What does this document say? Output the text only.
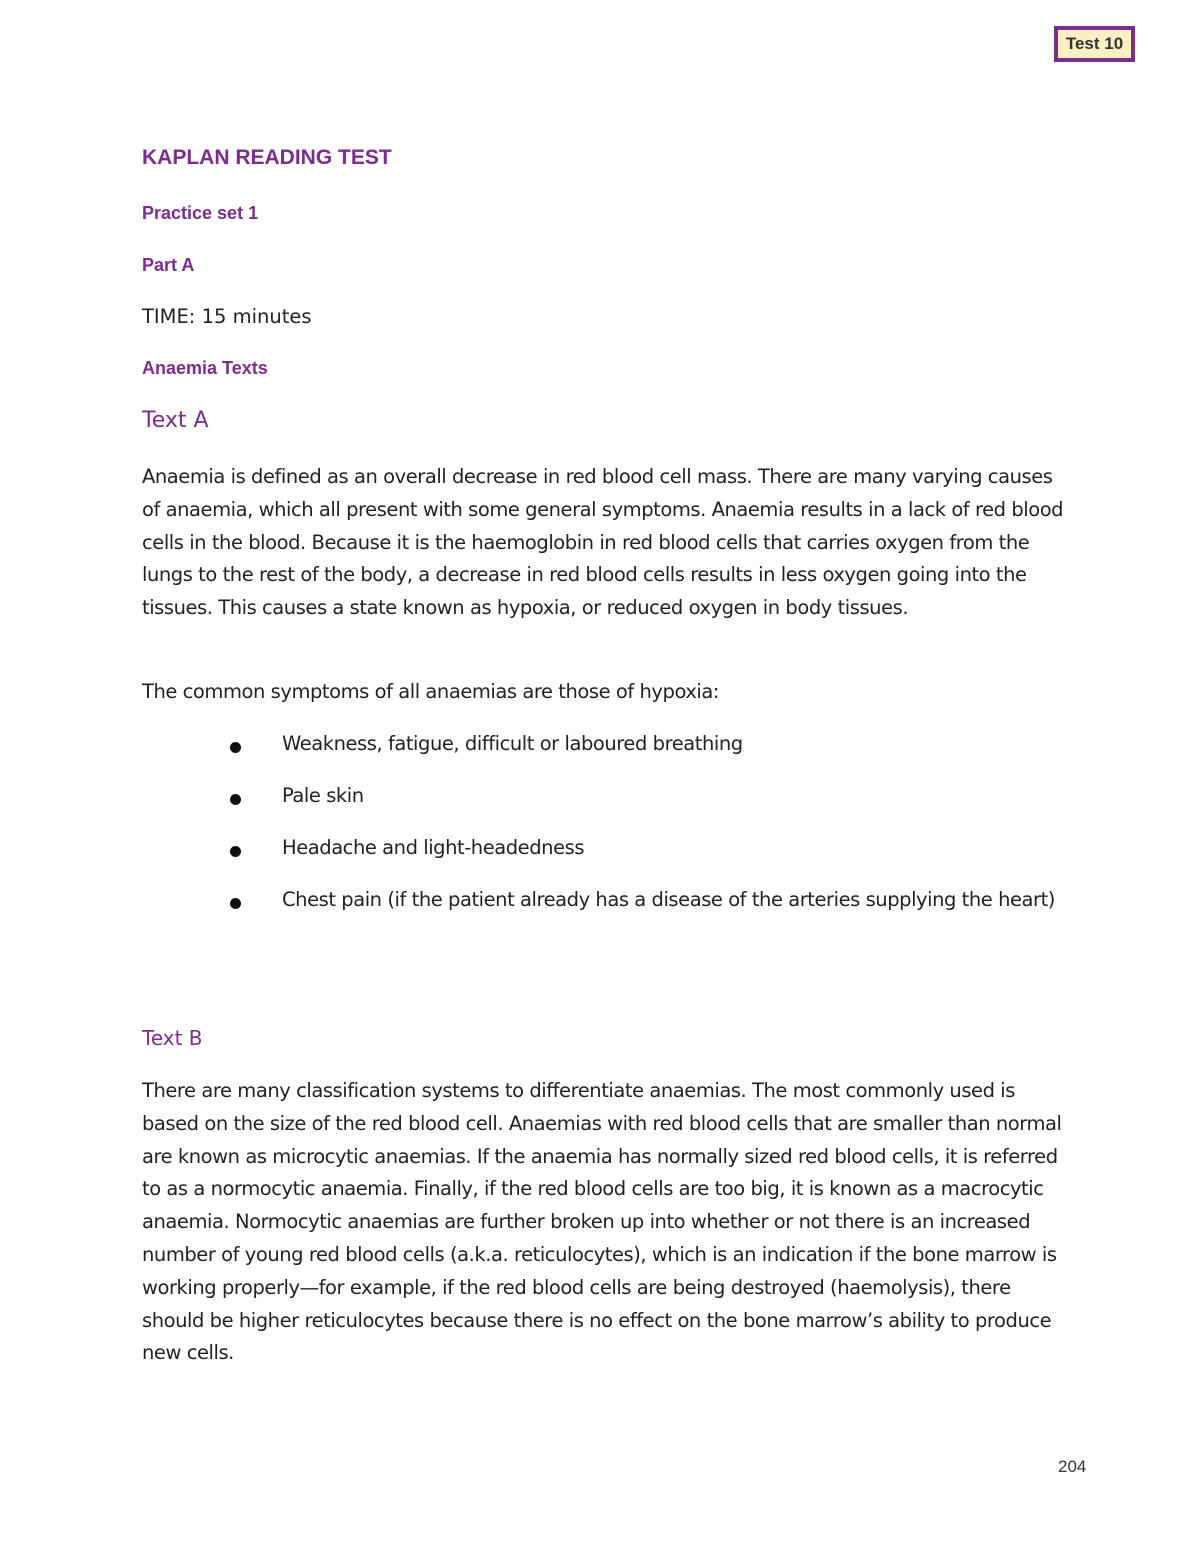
Test 10
KAPLAN READING TEST

Practice set 1

Part A

TIME: 15 minutes

Anaemia Texts

Text A

Anaemia is defined as an overall decrease in red blood cell mass. There are many varying causes of anaemia, which all present with some general symptoms. Anaemia results in a lack of red blood cells in the blood. Because it is the haemoglobin in red blood cells that carries oxygen from the lungs to the rest of the body, a decrease in red blood cells results in less oxygen going into the tissues. This causes a state known as hypoxia, or reduced oxygen in body tissues.

The common symptoms of all anaemias are those of hypoxia:

Weakness, fatigue, difficult or laboured breathing
Pale skin
Headache and light-headedness
Chest pain (if the patient already has a disease of the arteries supplying the heart)
Text B

There are many classification systems to differentiate anaemias. The most commonly used is based on the size of the red blood cell. Anaemias with red blood cells that are smaller than normal are known as microcytic anaemias. If the anaemia has normally sized red blood cells, it is referred to as a normocytic anaemia. Finally, if the red blood cells are too big, it is known as a macrocytic anaemia. Normocytic anaemias are further broken up into whether or not there is an increased number of young red blood cells (a.k.a. reticulocytes), which is an indication if the bone marrow is working properly—for example, if the red blood cells are being destroyed (haemolysis), there should be higher reticulocytes because there is no effect on the bone marrow’s ability to produce new cells.

204
